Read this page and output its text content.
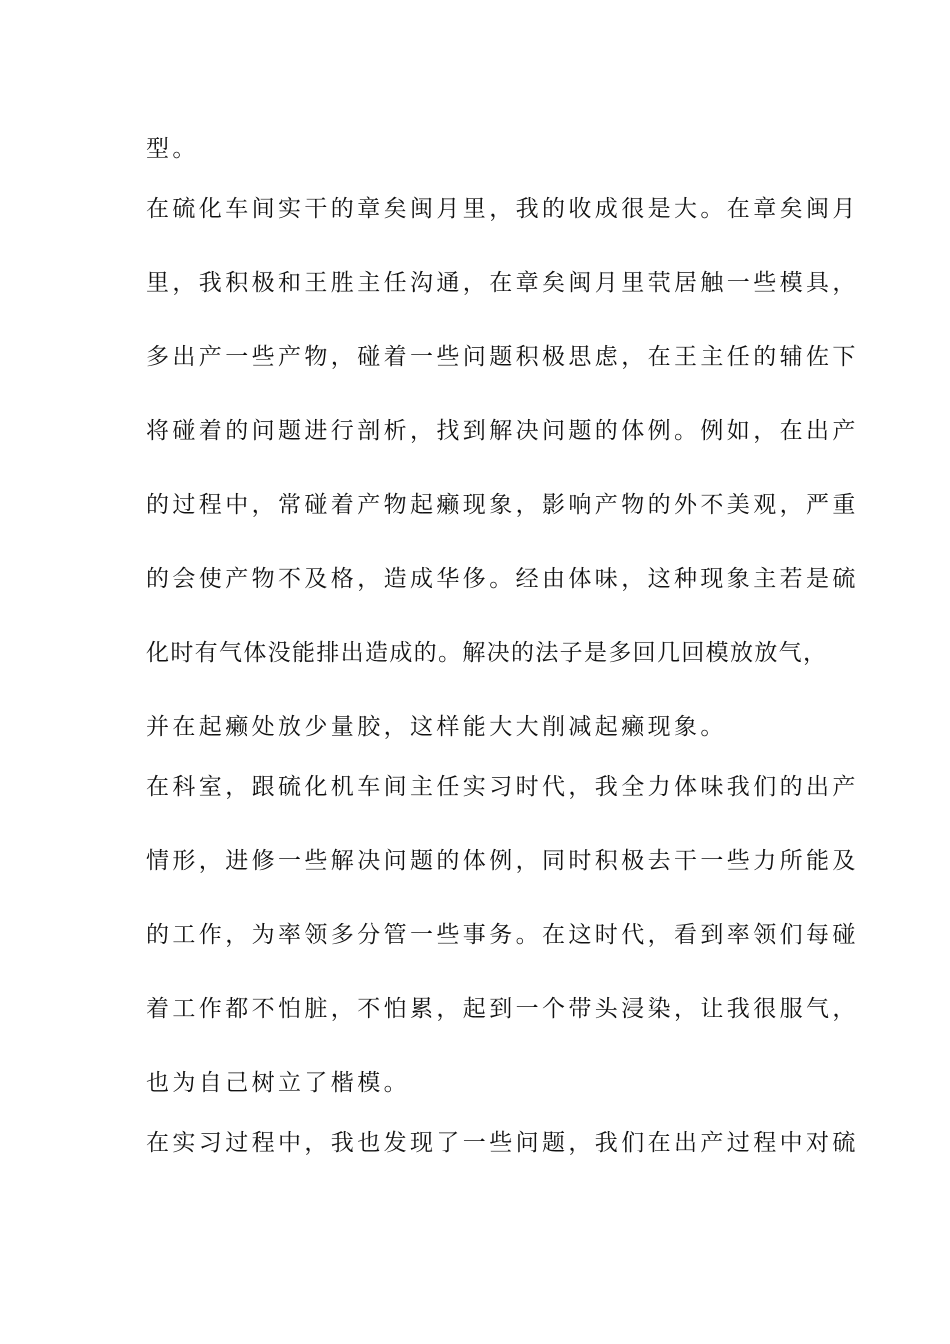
型。
在硫化车间实干的章矣闽月里，我的收成很是大。在章矣闽月
里，我积极和王胜主任沟通，在章矣闽月里茕居触一些模具，
多出产一些产物，碰着一些问题积极思虑，在王主任的辅佐下
将碰着的问题进行剖析，找到解决问题的体例。例如，在出产
的过程中，常碰着产物起癞现象，影响产物的外不美观，严重
的会使产物不及格，造成华侈。经由体味，这种现象主若是硫
化时有气体没能排出造成的。解决的法子是多回几回模放放气，
并在起癞处放少量胶，这样能大大削减起癞现象。
在科室，跟硫化机车间主任实习时代，我全力体味我们的出产
情形，进修一些解决问题的体例，同时积极去干一些力所能及
的工作，为率领多分管一些事务。在这时代，看到率领们每碰
着工作都不怕脏，不怕累，起到一个带头浸染，让我很服气，
也为自己树立了楷模。
在实习过程中，我也发现了一些问题，我们在出产过程中对硫
